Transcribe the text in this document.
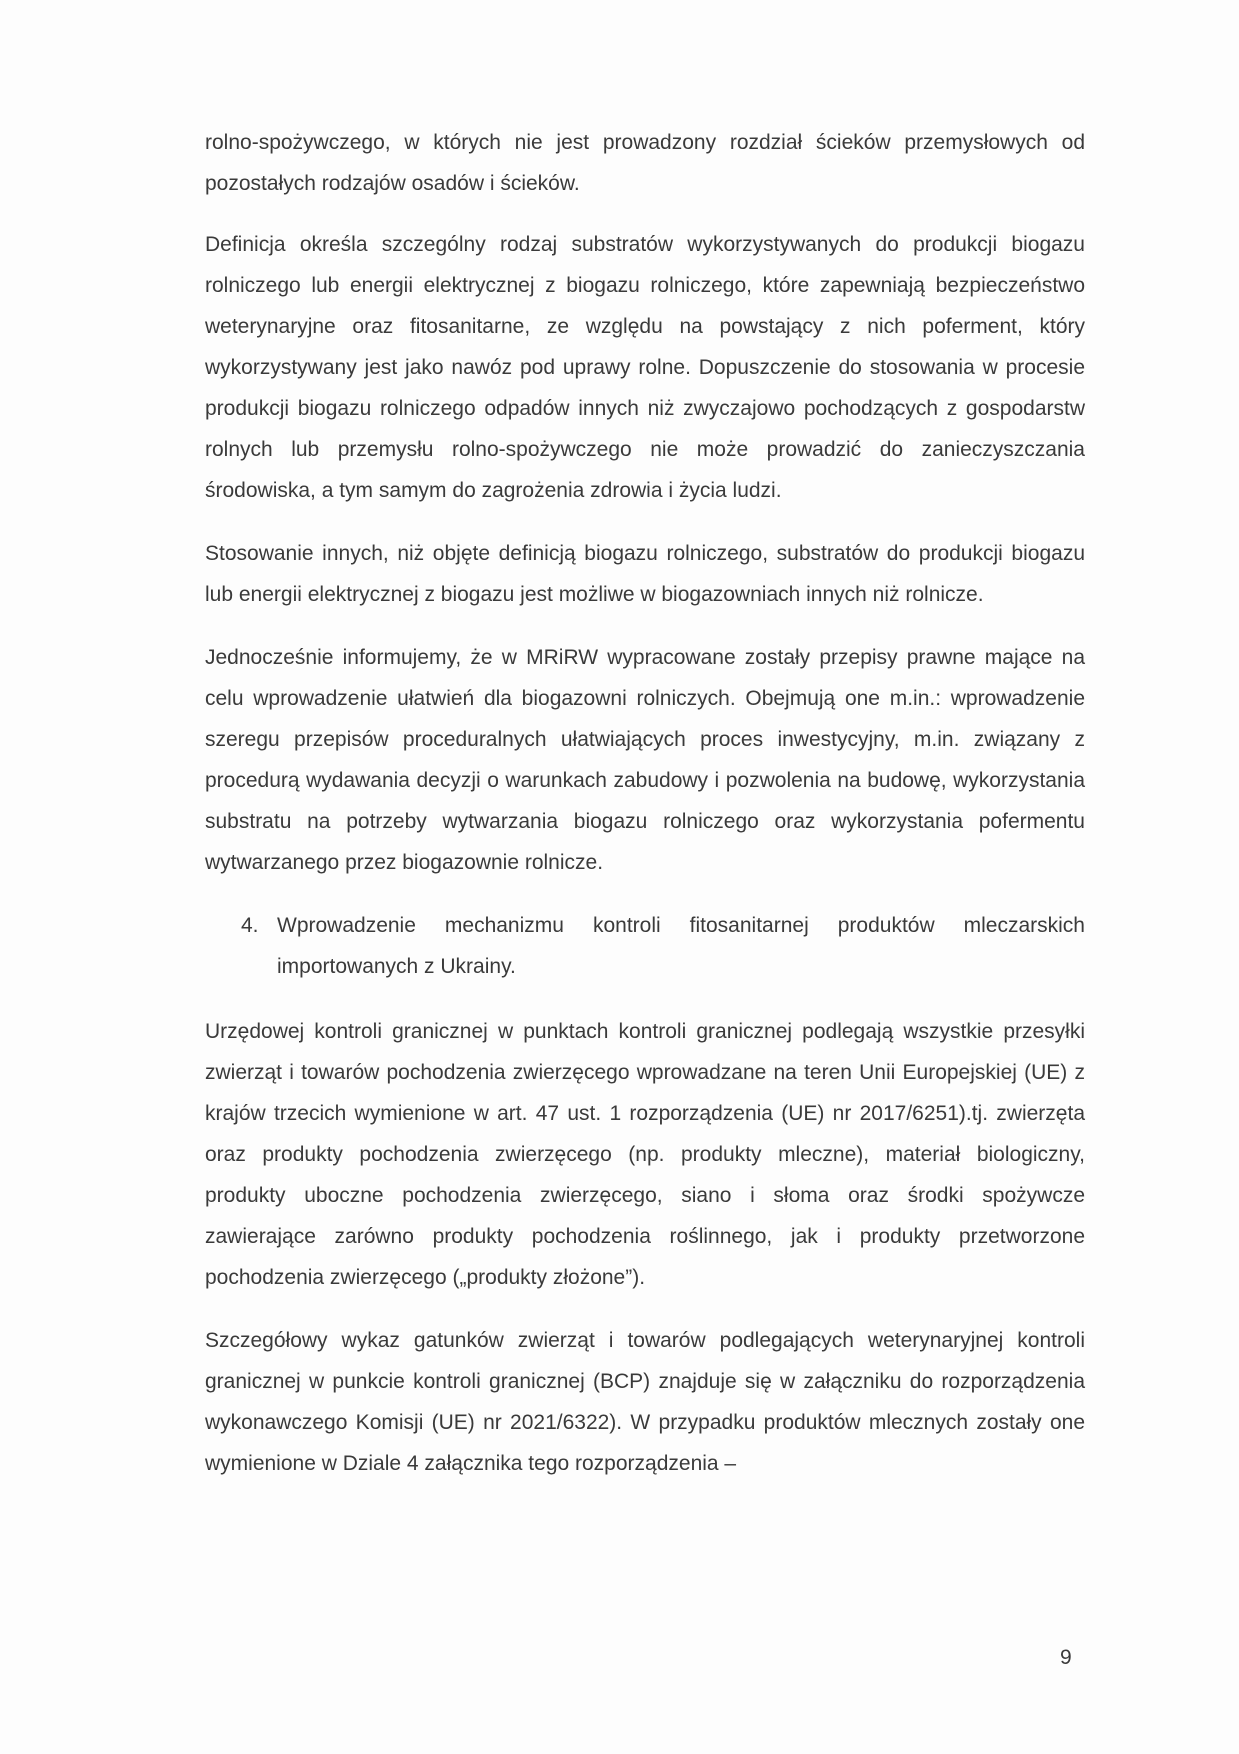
rolno-spożywczego, w których nie jest prowadzony rozdział ścieków przemysłowych od pozostałych rodzajów osadów i ścieków.

Definicja określa szczególny rodzaj substratów wykorzystywanych do produkcji biogazu rolniczego lub energii elektrycznej z biogazu rolniczego, które zapewniają bezpieczeństwo weterynaryjne oraz fitosanitarne, ze względu na powstający z nich poferment, który wykorzystywany jest jako nawóz pod uprawy rolne. Dopuszczenie do stosowania w procesie produkcji biogazu rolniczego odpadów innych niż zwyczajowo pochodzących z gospodarstw rolnych lub przemysłu rolno-spożywczego nie może prowadzić do zanieczyszczania środowiska, a tym samym do zagrożenia zdrowia i życia ludzi.

Stosowanie innych, niż objęte definicją biogazu rolniczego, substratów do produkcji biogazu lub energii elektrycznej z biogazu jest możliwe w biogazowniach innych niż rolnicze.

Jednocześnie informujemy, że w MRiRW wypracowane zostały przepisy prawne mające na celu wprowadzenie ułatwień dla biogazowni rolniczych. Obejmują one m.in.: wprowadzenie szeregu przepisów proceduralnych ułatwiających proces inwestycyjny, m.in. związany z procedurą wydawania decyzji o warunkach zabudowy i pozwolenia na budowę, wykorzystania substratu na potrzeby wytwarzania biogazu rolniczego oraz wykorzystania pofermentu wytwarzanego przez biogazownie rolnicze.

4. Wprowadzenie mechanizmu kontroli fitosanitarnej produktów mleczarskich importowanych z Ukrainy.

Urzędowej kontroli granicznej w punktach kontroli granicznej podlegają wszystkie przesyłki zwierząt i towarów pochodzenia zwierzęcego wprowadzane na teren Unii Europejskiej (UE) z krajów trzecich wymienione w art. 47 ust. 1 rozporządzenia (UE) nr 2017/6251).tj. zwierzęta oraz produkty pochodzenia zwierzęcego (np. produkty mleczne), materiał biologiczny, produkty uboczne pochodzenia zwierzęcego, siano i słoma oraz środki spożywcze zawierające zarówno produkty pochodzenia roślinnego, jak i produkty przetworzone pochodzenia zwierzęcego („produkty złożone”).

Szczegółowy wykaz gatunków zwierząt i towarów podlegających weterynaryjnej kontroli granicznej w punkcie kontroli granicznej (BCP) znajduje się w załączniku do rozporządzenia wykonawczego Komisji (UE) nr 2021/6322). W przypadku produktów mlecznych zostały one wymienione w Dziale 4 załącznika tego rozporządzenia –

9
